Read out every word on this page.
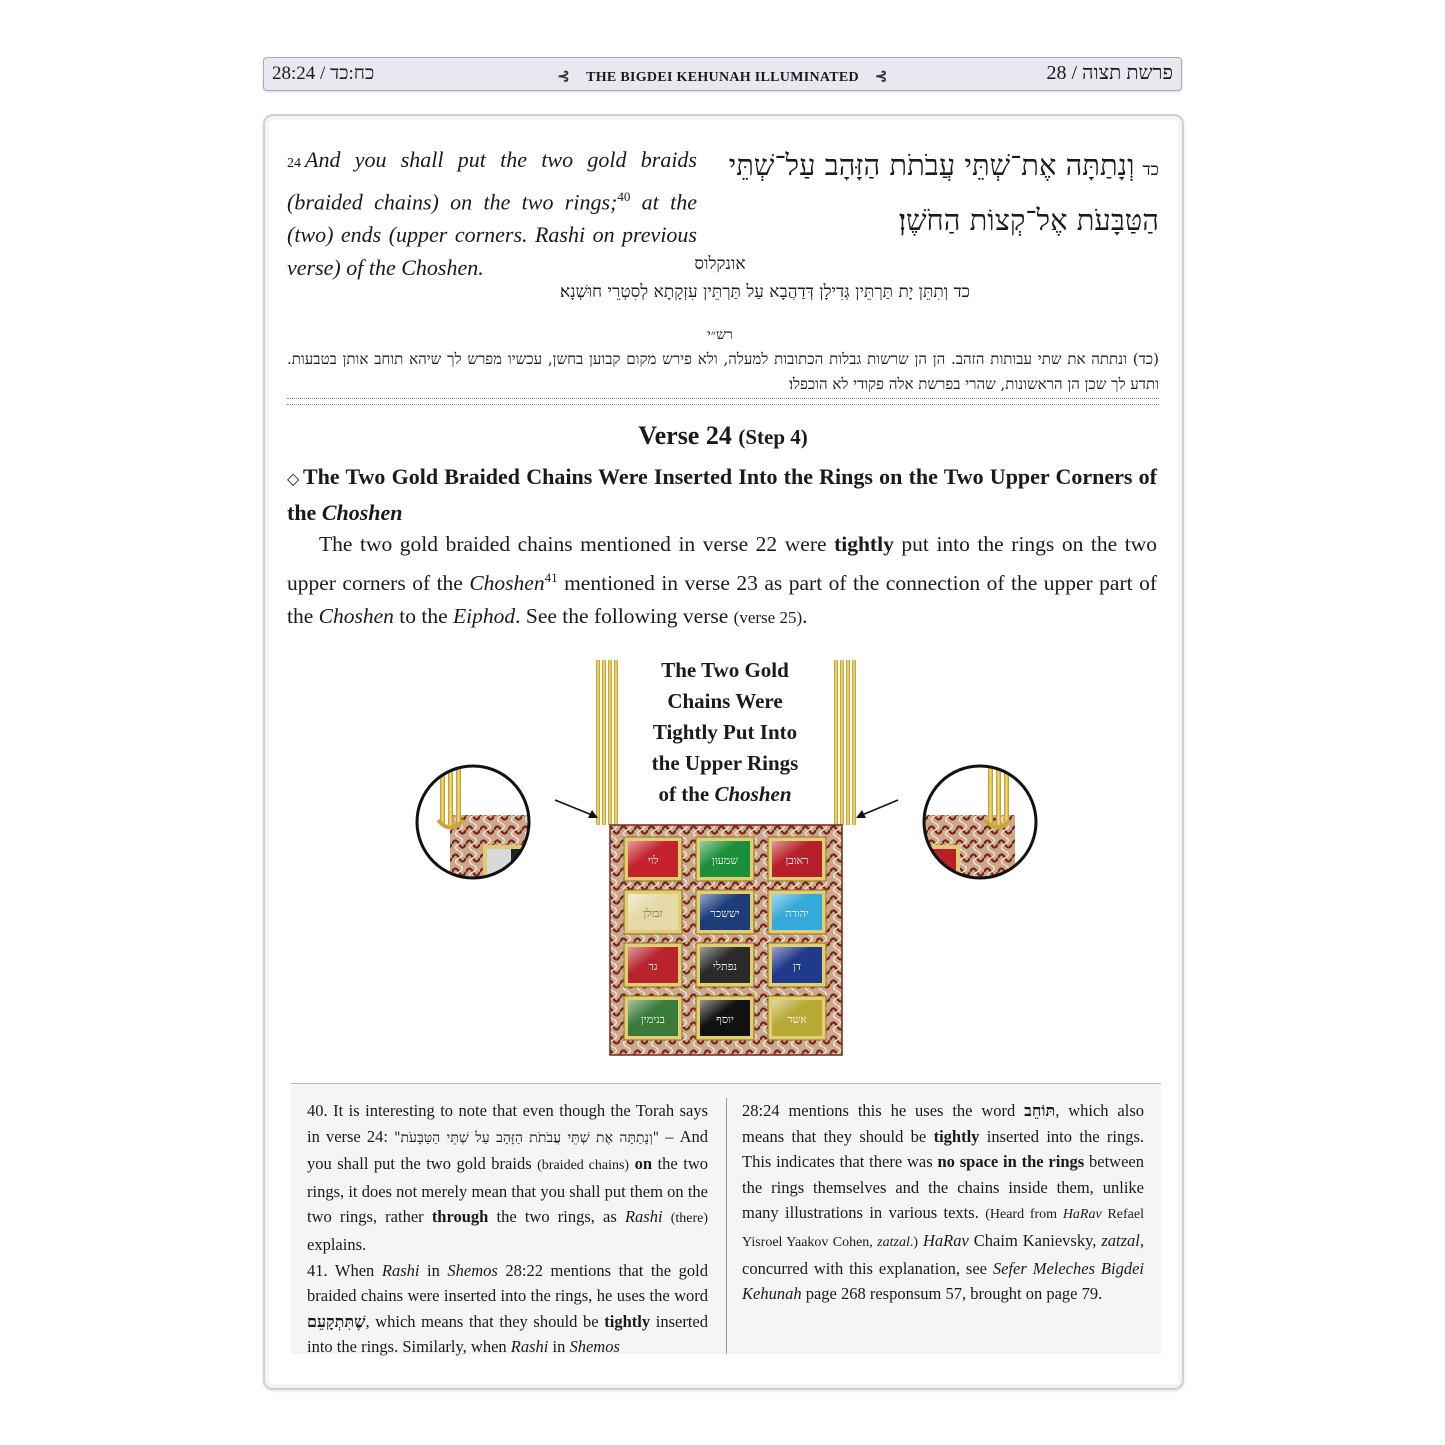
28:24 / כח:כד	⊰ THE BIGDEI KEHUNAH ILLUMINATED ⊰	28 / פרשת תצוה
24 And you shall put the two gold braids (braided chains) on the two rings;$^{40}$ at the (two) ends (upper corners. Rashi on previous verse) of the Choshen.
כדוְנָתַתָּה אֶת־שְׁתֵּי עֲבֹתֹת הַזָּהָב עַל־שְׁתֵּי הַטַּבָּעֹת אֶל־קְצוֹת הַחֹשֶׁן׃
אונקלוס
כד וְתִתֵּן יָת תַּרְתֵּין גְּדִילָן דְּדַהֲבָא עַל תַּרְתֵּין עִזְקָתָא לְסִטְרֵי חוּשְׁנָא׃
רש״י
(כד) ונתתה את שתי עבותות הזהב. הן הן שרשות גבלות הכתובות למעלה, ולא פירש מקום קבוען בחשן, עכשיו מפרש לך שיהא תוחב אותן בטבעות. ותדע לך שכן הן הראשונות, שהרי בפרשת אלה פקודי לא הוכפלו׃
Verse 24 (Step 4)
◇ The Two Gold Braided Chains Were Inserted Into the Rings on the Two Upper Corners of the Choshen
The two gold braided chains mentioned in verse 22 were tightly put into the rings on the two upper corners of the Choshen$^{41}$ mentioned in verse 23 as part of the connection of the upper part of the Choshen to the Eiphod. See the following verse (verse 25).
לוי	שמעון	ראובן
זבולן	יששכר	יהודה
גד	נפתלי	דן
בנימין	יוסף	אשר
The Two Gold
Chains Were
Tightly Put Into
the Upper Rings
of the Choshen
40. It is interesting to note that even though the Torah says in verse 24: "וְנָתַתָּה אֶת שְׁתֵּי עֲבֹתֹת הַזָּהָב עַל שְׁתֵּי הַטַּבָּעֹת" – And you shall put the two gold braids (braided chains) on the two rings, it does not merely mean that you shall put them on the two rings, rather through the two rings, as Rashi (there) explains.
41. When Rashi in Shemos 28:22 mentions that the gold braided chains were inserted into the rings, he uses the word שֶׁתִּתְקָעֵם, which means that they should be tightly inserted into the rings. Similarly, when Rashi in Shemos
28:24 mentions this he uses the word תּוֹחֵב, which also means that they should be tightly inserted into the rings. This indicates that there was no space in the rings between the rings themselves and the chains inside them, unlike many illustrations in various texts. (Heard from HaRav Refael Yisroel Yaakov Cohen, zatzal.) HaRav Chaim Kanievsky, zatzal, concurred with this explanation, see Sefer Meleches Bigdei Kehunah page 268 responsum 57, brought on page 79.
